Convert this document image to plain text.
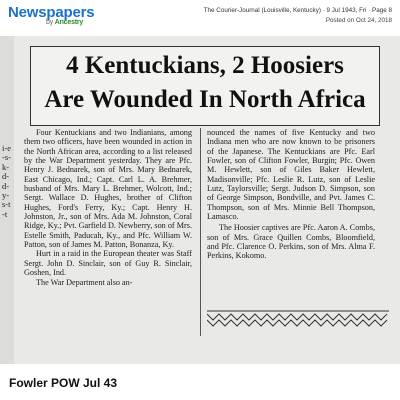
Newspapers
by Ancestry
The Courier-Journal (Louisville, Kentucky) · 9 Jul 1943, Fri · Page 8
Posted on Oct 24, 2018
i-e-s-k-d-d-y-s-t-t
4 Kentuckians, 2 Hoosiers
Are Wounded In North Africa

Four Kentuckians and two Indianians, among them two officers, have been wounded in action in the North African area, according to a list released by the War Department yesterday. They are Pfc. Henry J. Bednarek, son of Mrs. Mary Bednarek, East Chicago, Ind.; Capt. Carl L. A. Brehmer, husband of Mrs. Mary L. Brehmer, Wolcott, Ind.; Sergt. Wallace D. Hughes, brother of Clifton Hughes, Ford's Ferry, Ky.; Capt. Henry H. Johnston, Jr., son of Mrs. Ada M. Johnston, Coral Ridge, Ky.; Pvt. Garfield D. Newberry, son of Mrs. Estelle Smith, Paducah, Ky., and Pfc. William W. Patton, son of James M. Patton, Bonanza, Ky.

Hurt in a raid in the European theater was Staff Sergt. John D. Sinclair, son of Guy R. Sinclair, Goshen, Ind.

The War Department also an-

nounced the names of five Kentucky and two Indiana men who are now known to be prisoners of the Japanese. The Kentuckians are Pfc. Earl Fowler, son of Clifton Fowler, Burgin; Pfc. Owen M. Hewlett, son of Giles Baker Hewlett, Madisonville; Pfc. Leslie R. Lutz, son of Leslie Lutz, Taylorsville; Sergt. Judson D. Simpson, son of George Simpson, Bondville, and Pvt. James C. Thompson, son of Mrs. Minnie Bell Thompson, Lamasco.

The Hoosier captives are Pfc. Aaron A. Combs, son of Mrs. Grace Quillen Combs, Bloomfield, and Pfc. Clarence O. Perkins, son of Mrs. Alma F. Perkins, Kokomo.

Fowler POW Jul 43
